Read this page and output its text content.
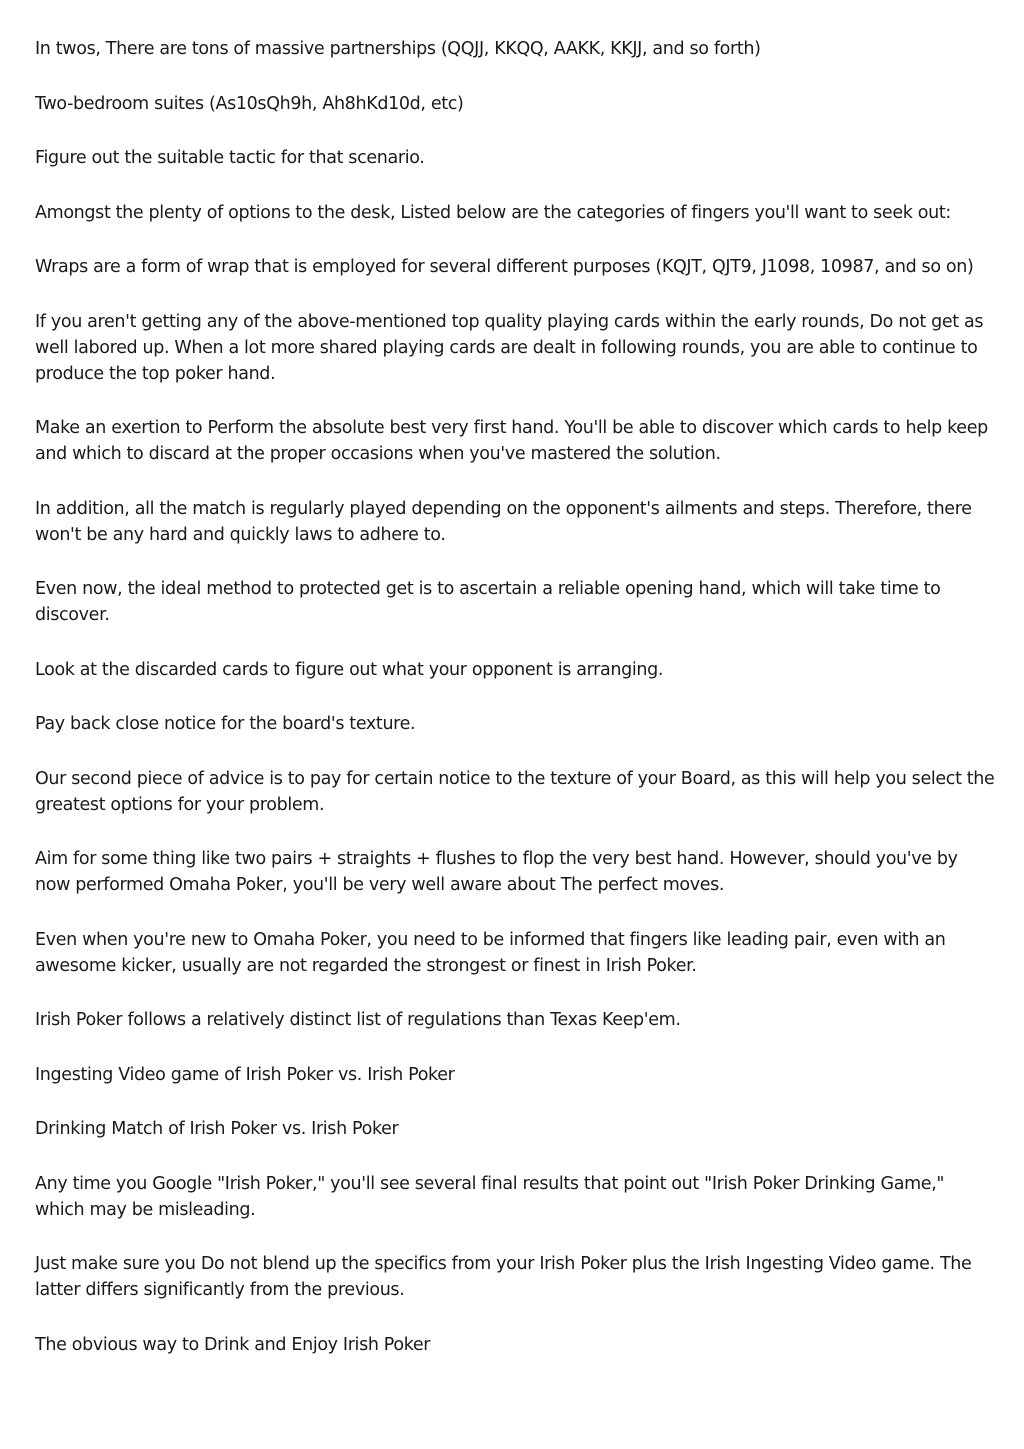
In twos, There are tons of massive partnerships (QQJJ, KKQQ, AAKK, KKJJ, and so forth)

Two-bedroom suites (As10sQh9h, Ah8hKd10d, etc)

Figure out the suitable tactic for that scenario.

Amongst the plenty of options to the desk, Listed below are the categories of fingers you'll want to seek out:

Wraps are a form of wrap that is employed for several different purposes (KQJT, QJT9, J1098, 10987, and so on)

If you aren't getting any of the above-mentioned top quality playing cards within the early rounds, Do not get as well labored up. When a lot more shared playing cards are dealt in following rounds, you are able to continue to produce the top poker hand.

Make an exertion to Perform the absolute best very first hand. You'll be able to discover which cards to help keep and which to discard at the proper occasions when you've mastered the solution.

In addition, all the match is regularly played depending on the opponent's ailments and steps. Therefore, there won't be any hard and quickly laws to adhere to.

Even now, the ideal method to protected get is to ascertain a reliable opening hand, which will take time to discover.

Look at the discarded cards to figure out what your opponent is arranging.

Pay back close notice for the board's texture.

Our second piece of advice is to pay for certain notice to the texture of your Board, as this will help you select the greatest options for your problem.

Aim for some thing like two pairs + straights + flushes to flop the very best hand. However, should you've by now performed Omaha Poker, you'll be very well aware about The perfect moves.

Even when you're new to Omaha Poker, you need to be informed that fingers like leading pair, even with an awesome kicker, usually are not regarded the strongest or finest in Irish Poker.

Irish Poker follows a relatively distinct list of regulations than Texas Keep'em.

Ingesting Video game of Irish Poker vs. Irish Poker

Drinking Match of Irish Poker vs. Irish Poker

Any time you Google "Irish Poker," you'll see several final results that point out "Irish Poker Drinking Game," which may be misleading.

Just make sure you Do not blend up the specifics from your Irish Poker plus the Irish Ingesting Video game. The latter differs significantly from the previous.

The obvious way to Drink and Enjoy Irish Poker
